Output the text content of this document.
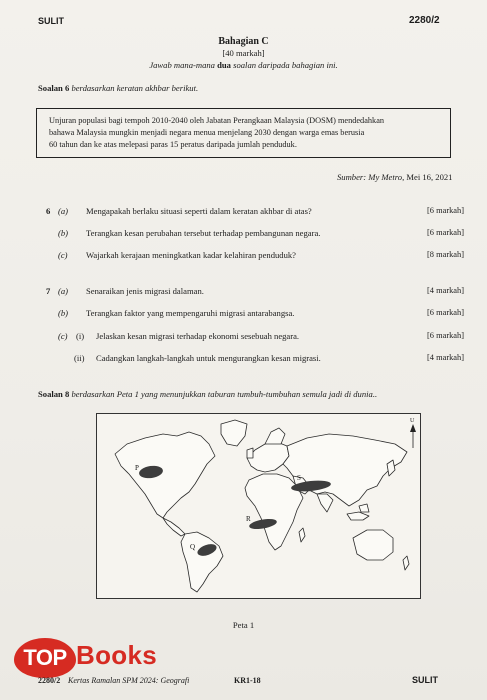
SULIT	2280/2
Bahagian C
[40 markah]
Jawab mana-mana dua soalan daripada bahagian ini.
Soalan 6 berdasarkan keratan akhbar berikut.
Unjuran populasi bagi tempoh 2010-2040 oleh Jabatan Perangkaan Malaysia (DOSM) mendedahkan
bahawa Malaysia mungkin menjadi negara menua menjelang 2030 dengan warga emas berusia
60 tahun dan ke atas melepasi paras 15 peratus daripada jumlah penduduk.
Sumber: My Metro, Mei 16, 2021
6 (a) Mengapakah berlaku situasi seperti dalam keratan akhbar di atas?	[6 markah]
(b) Terangkan kesan perubahan tersebut terhadap pembangunan negara.	[6 markah]
(c) Wajarkah kerajaan meningkatkan kadar kelahiran penduduk?	[8 markah]
7 (a) Senaraikan jenis migrasi dalaman.	[4 markah]
(b) Terangkan faktor yang mempengaruhi migrasi antarabangsa.	[6 markah]
(c) (i) Jelaskan kesan migrasi terhadap ekonomi sesebuah negara.	[6 markah]
(ii) Cadangkan langkah-langkah untuk mengurangkan kesan migrasi.	[4 markah]
Soalan 8 berdasarkan Peta 1 yang menunjukkan taburan tumbuh-tumbuhan semula jadi di dunia..
P
S
R
Q
U
Peta 1
TOP Books
2280/2 Kertas Ramalan SPM 2024: Geografi	KR1-18	SULIT
